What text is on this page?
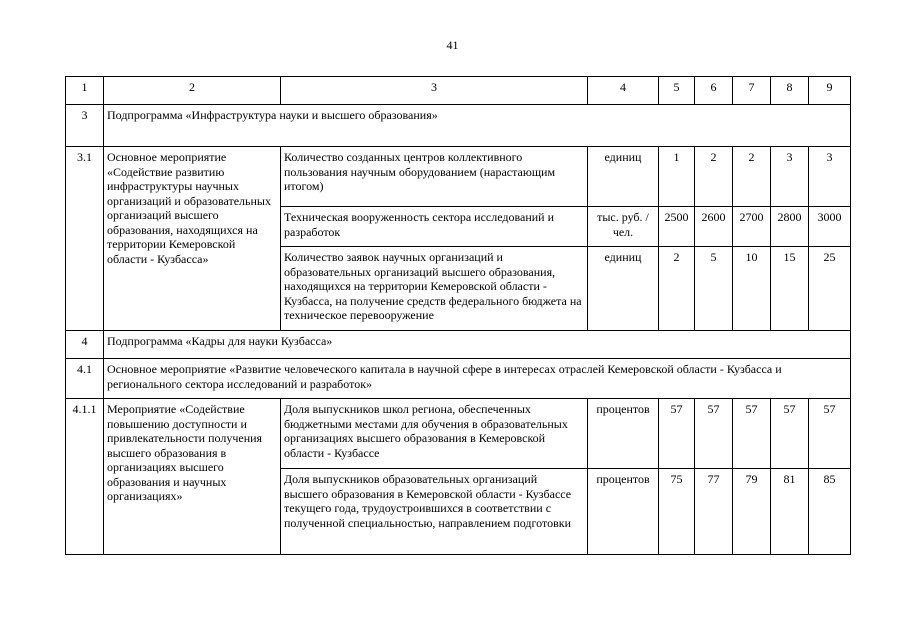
41
1	2	3	4	5	6	7	8	9
3	Подпрограмма «Инфраструктура науки и высшего образования»							
3.1	Основное мероприятие «Содействие развитию инфраструктуры научных организаций и образовательных организаций высшего образования, находящихся на территории Кемеровской области - Кузбасса»	Количество созданных центров коллективного пользования научным оборудованием (нарастающим итогом)	единиц	1	2	2	3	3
		Техническая вооруженность сектора исследований и разработок	тыс. руб. / чел.	2500	2600	2700	2800	3000
		Количество заявок научных организаций и образовательных организаций высшего образования, находящихся на территории Кемеровской области - Кузбасса, на получение средств федерального бюджета на техническое перевооружение	единиц	2	5	10	15	25
4	Подпрограмма «Кадры для науки Кузбасса»							
4.1	Основное мероприятие «Развитие человеческого капитала в научной сфере в интересах отраслей Кемеровской области - Кузбасса и регионального сектора исследований и разработок»							
4.1.1	Мероприятие «Содействие повышению доступности и привлекательности получения высшего образования в организациях высшего образования и научных организациях»	Доля выпускников школ региона, обеспеченных бюджетными местами для обучения в образовательных организациях высшего образования в Кемеровской области - Кузбассе	процентов	57	57	57	57	57
		Доля выпускников образовательных организаций высшего образования в Кемеровской области - Кузбассе текущего года, трудоустроившихся в соответствии с полученной специальностью, направлением подготовки	процентов	75	77	79	81	85
